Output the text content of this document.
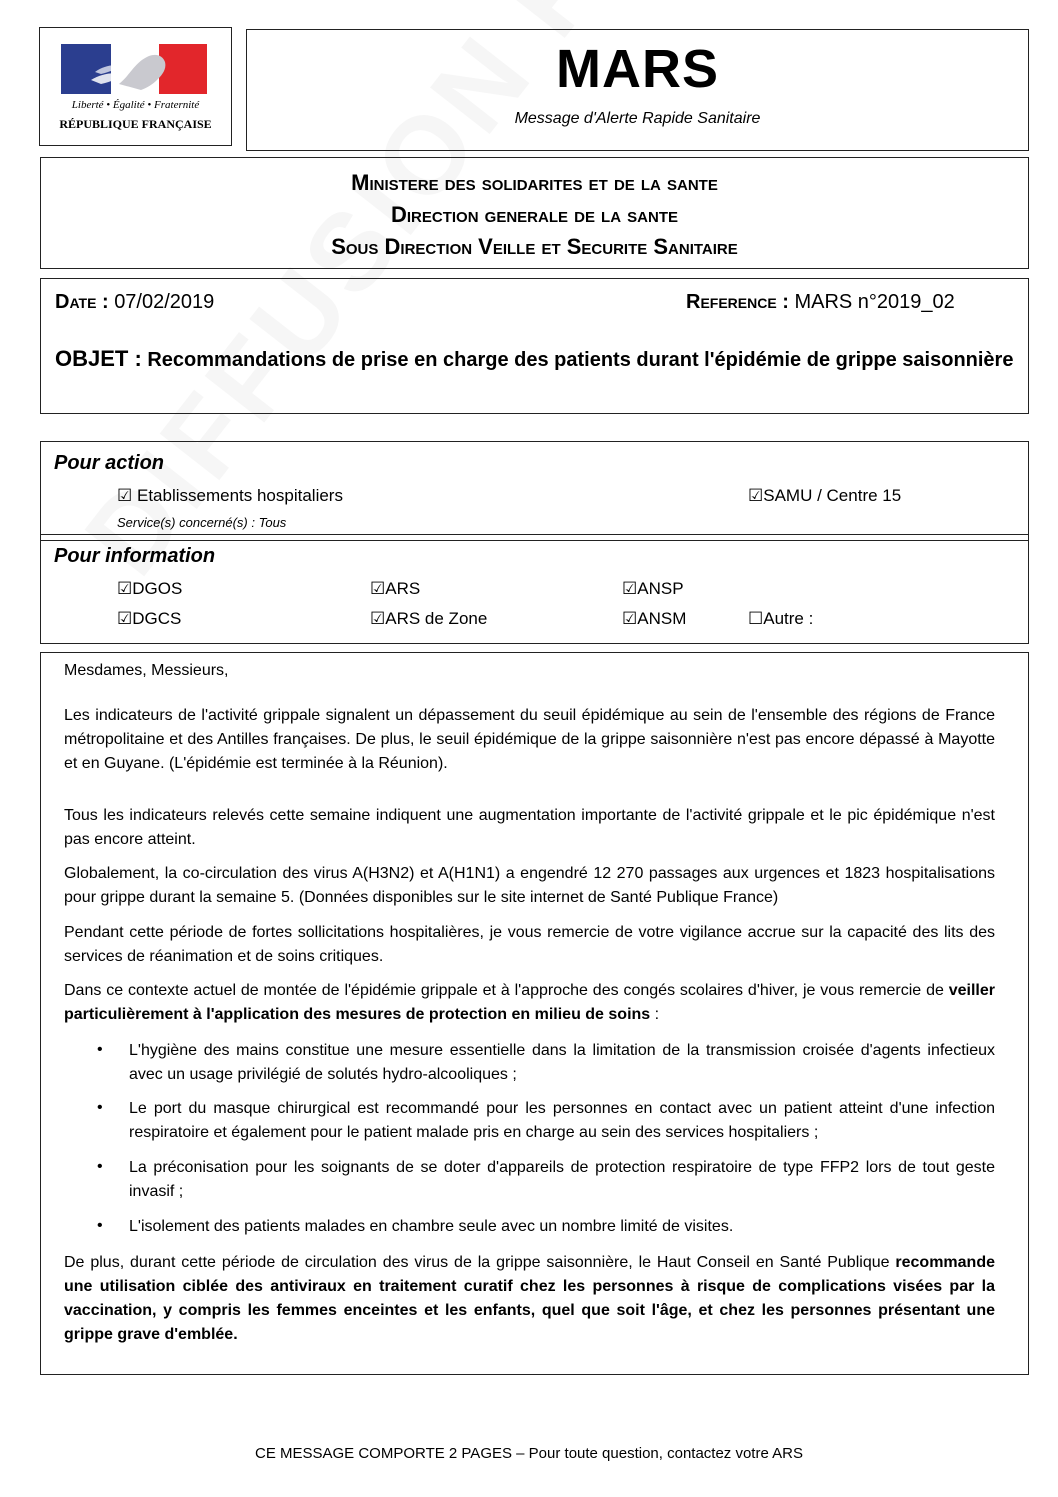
Liberté • Égalité • Fraternité
RÉPUBLIQUE FRANÇAISE
MARS
Message d'Alerte Rapide Sanitaire
Ministere des solidarites et de la sante
Direction generale de la sante
Sous Direction Veille et Securite Sanitaire
Date : 07/02/2019	Reference : MARS n°2019_02
OBJET : Recommandations de prise en charge des patients durant l'épidémie de grippe saisonnière
Pour action
☑ Etablissements hospitaliers	☑SAMU / Centre 15
Service(s) concerné(s) : Tous
Pour information
☑DGOS	☑ARS	☑ANSP
☑DGCS	☑ARS de Zone	☑ANSM	☐Autre :
Mesdames, Messieurs,
Les indicateurs de l'activité grippale signalent un dépassement du seuil épidémique au sein de l'ensemble des régions de France métropolitaine et des Antilles françaises. De plus, le seuil épidémique de la grippe saisonnière n'est pas encore dépassé à Mayotte et en Guyane. (L'épidémie est terminée à la Réunion).
Tous les indicateurs relevés cette semaine indiquent une augmentation importante de l'activité grippale et le pic épidémique n'est pas encore atteint.
Globalement, la co-circulation des virus A(H3N2) et A(H1N1) a engendré 12 270 passages aux urgences et 1823 hospitalisations pour grippe durant la semaine 5. (Données disponibles sur le site internet de Santé Publique France)
Pendant cette période de fortes sollicitations hospitalières, je vous remercie de votre vigilance accrue sur la capacité des lits des services de réanimation et de soins critiques.
Dans ce contexte actuel de montée de l'épidémie grippale et à l'approche des congés scolaires d'hiver, je vous remercie de veiller particulièrement à l'application des mesures de protection en milieu de soins :
• L'hygiène des mains constitue une mesure essentielle dans la limitation de la transmission croisée d'agents infectieux avec un usage privilégié de solutés hydro-alcooliques ;
• Le port du masque chirurgical est recommandé pour les personnes en contact avec un patient atteint d'une infection respiratoire et également pour le patient malade pris en charge au sein des services hospitaliers ;
• La préconisation pour les soignants de se doter d'appareils de protection respiratoire de type FFP2 lors de tout geste invasif ;
• L'isolement des patients malades en chambre seule avec un nombre limité de visites.
De plus, durant cette période de circulation des virus de la grippe saisonnière, le Haut Conseil en Santé Publique recommande une utilisation ciblée des antiviraux en traitement curatif chez les personnes à risque de complications visées par la vaccination, y compris les femmes enceintes et les enfants, quel que soit l'âge, et chez les personnes présentant une grippe grave d'emblée.
CE MESSAGE COMPORTE 2 PAGES – Pour toute question, contactez votre ARS
